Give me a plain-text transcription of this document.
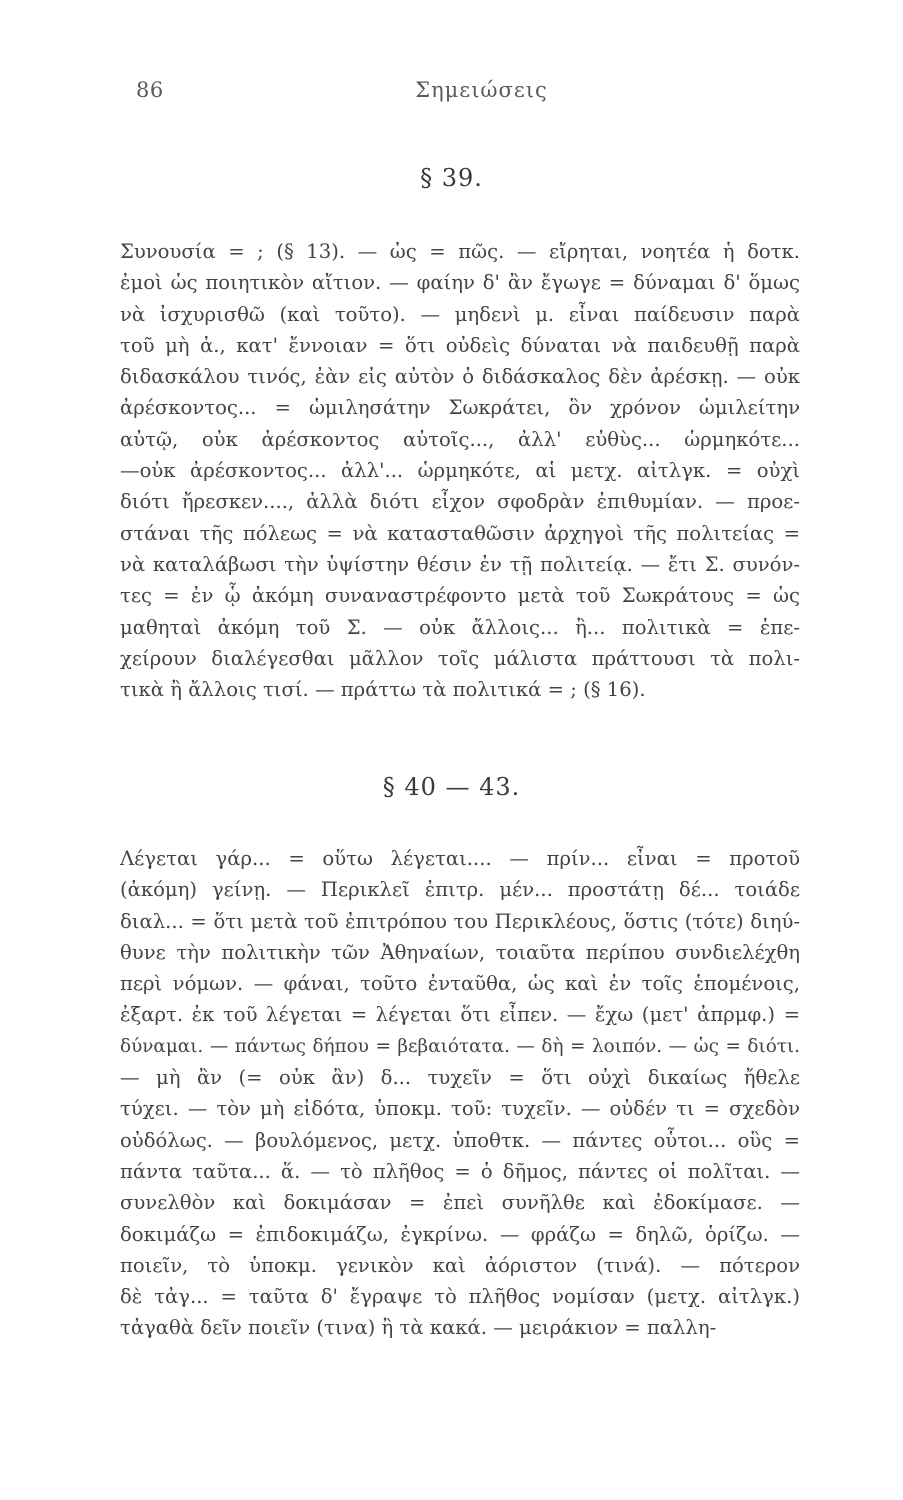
86	Σημειώσεις
§ 39.
Συνουσία = ; (§ 13). — ὡς = πῶς. — εἴρηται, νοητέα ἡ δοτκ.
ἐμοὶ ὡς ποιητικὸν αἴτιον. — φαίην δ' ἂν ἔγωγε = δύναμαι δ' ὅμως
νὰ ἰσχυρισθῶ (καὶ τοῦτο). — μηδενὶ μ. εἶναι παίδευσιν παρὰ
τοῦ μὴ ἀ., κατ' ἔννοιαν = ὅτι οὐδεὶς δύναται νὰ παιδευθῇ παρὰ
διδασκάλου τινός, ἐὰν εἰς αὐτὸν ὁ διδάσκαλος δὲν ἀρέσκῃ. — οὐκ
ἀρέσκοντος... = ὡμιλησάτην Σωκράτει, ὃν χρόνον ὡμιλείτην
αὐτῷ, οὐκ ἀρέσκοντος αὐτοῖς..., ἀλλ' εὐθὺς... ὡρμηκότε...
—οὐκ ἀρέσκοντος... ἀλλ'... ὡρμηκότε, αἱ μετχ. αἰτλγκ. = οὐχὶ
διότι ἤρεσκεν...., ἀλλὰ διότι εἶχον σφοδρὰν ἐπιθυμίαν. — προε-
στάναι τῆς πόλεως = νὰ κατασταθῶσιν ἀρχηγοὶ τῆς πολιτείας =
νὰ καταλάβωσι τὴν ὑψίστην θέσιν ἐν τῇ πολιτείᾳ. — ἔτι Σ. συνόν-
τες = ἐν ᾧ ἀκόμη συναναστρέφοντο μετὰ τοῦ Σωκράτους = ὡς
μαθηταὶ ἀκόμη τοῦ Σ. — οὐκ ἄλλοις... ἢ... πολιτικὰ = ἐπε-
χείρουν διαλέγεσθαι μᾶλλον τοῖς μάλιστα πράττουσι τὰ πολι-
τικὰ ἢ ἄλλοις τισί. — πράττω τὰ πολιτικά = ; (§ 16).
§ 40 — 43.
Λέγεται γάρ... = οὕτω λέγεται.... — πρίν... εἶναι = προτοῦ
(ἀκόμη) γείνῃ. — Περικλεῖ ἐπιτρ. μέν... προστάτῃ δέ... τοιάδε
διαλ... = ὅτι μετὰ τοῦ ἐπιτρόπου του Περικλέους, ὅστις (τότε) διηύ-
θυνε τὴν πολιτικὴν τῶν Ἀθηναίων, τοιαῦτα περίπου συνδιελέχθη
περὶ νόμων. — φάναι, τοῦτο ἐνταῦθα, ὡς καὶ ἐν τοῖς ἑπομένοις,
ἐξαρτ. ἐκ τοῦ λέγεται = λέγεται ὅτι εἶπεν. — ἔχω (μετ' ἀπρμφ.) =
δύναμαι. — πάντως δήπου = βεβαιότατα. — δὴ = λοιπόν. — ὡς = διότι.
— μὴ ἂν (= οὐκ ἂν) δ... τυχεῖν = ὅτι οὐχὶ δικαίως ἤθελε
τύχει. — τὸν μὴ εἰδότα, ὑποκμ. τοῦ: τυχεῖν. — οὐδέν τι = σχεδὸν
οὐδόλως. — βουλόμενος, μετχ. ὑποθτκ. — πάντες οὗτοι... οὓς =
πάντα ταῦτα... ἅ. — τὸ πλῆθος = ὁ δῆμος, πάντες οἱ πολῖται. —
συνελθὸν καὶ δοκιμάσαν = ἐπεὶ συνῆλθε καὶ ἐδοκίμασε. —
δοκιμάζω = ἐπιδοκιμάζω, ἐγκρίνω. — φράζω = δηλῶ, ὁρίζω. —
ποιεῖν, τὸ ὑποκμ. γενικὸν καὶ ἀόριστον (τινά). — πότερον
δὲ τἀγ... = ταῦτα δ' ἔγραψε τὸ πλῆθος νομίσαν (μετχ. αἰτλγκ.)
τἀγαθὰ δεῖν ποιεῖν (τινα) ἢ τὰ κακά. — μειράκιον = παλλη-
